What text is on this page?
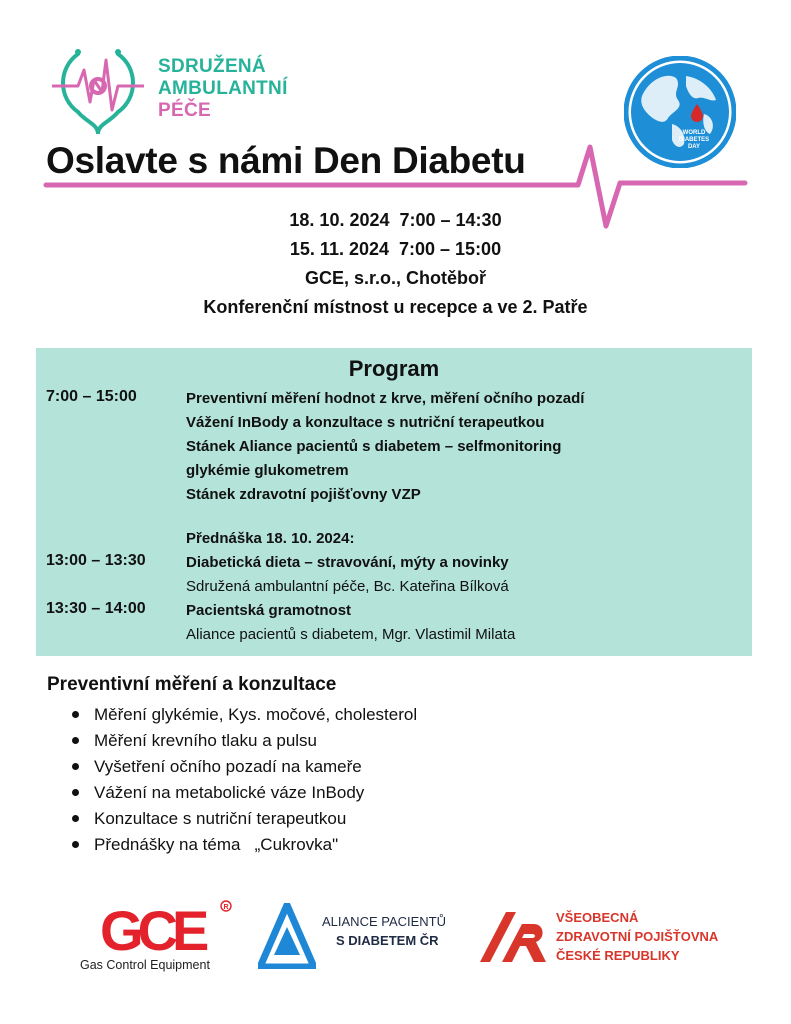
SDRUŽENÁ
AMBULANTNÍ
PÉČE
WORLD
DIABETES
DAY
Oslavte s námi Den Diabetu
18. 10. 2024  7:00 – 14:30
15. 11. 2024  7:00 – 15:00
GCE, s.r.o., Chotěboř
Konferenční místnost u recepce a ve 2. Patře
Program
7:00 – 15:00	Preventivní měření hodnot z krve, měření očního pozadí
Vážení InBody a konzultace s nutriční terapeutkou
Stánek Aliance pacientů s diabetem – selfmonitoring
glykémie glukometrem
Stánek zdravotní pojišťovny VZP
Přednáška 18. 10. 2024:
13:00 – 13:30	Diabetická dieta – stravování, mýty a novinky
Sdružená ambulantní péče, Bc. Kateřina Bílková
13:30 – 14:00	Pacientská gramotnost
Aliance pacientů s diabetem, Mgr. Vlastimil Milata
Preventivní měření a konzultace
Měření glykémie, Kys. močové, cholesterol
Měření krevního tlaku a pulsu
Vyšetření očního pozadí na kameře
Vážení na metabolické váze InBody
Konzultace s nutriční terapeutkou
Přednášky na téma   „Cukrovka"
GCE	R
Gas Control Equipment
ALIANCE PACIENTŮ
S DIABETEM ČR
VŠEOBECNÁ
ZDRAVOTNÍ POJIŠŤOVNA
ČESKÉ REPUBLIKY
